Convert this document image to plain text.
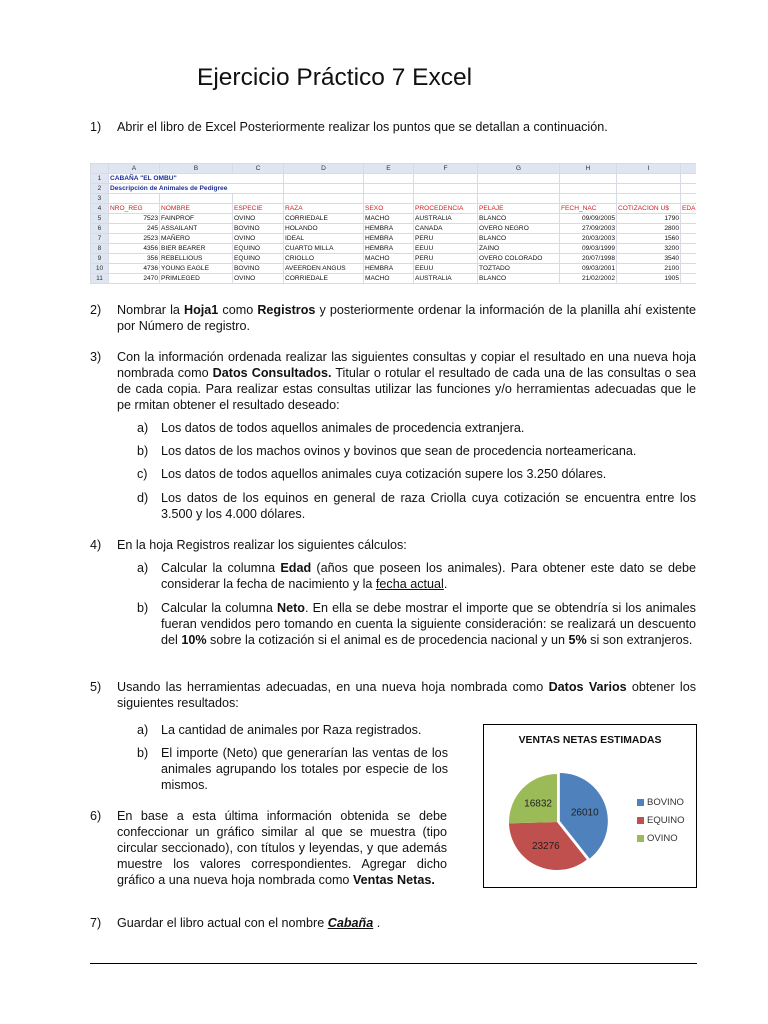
Ejercicio Práctico 7 Excel
1) Abrir el libro de Excel Posteriormente realizar los puntos que se detallan a continuación.
	A	B	C	D	E	F	G	H	I	
1	CABAÑA "EL OMBU"									
2	Descripción de Animales de Pedigree									
3										
4	NRO_REG	NOMBRE	ESPECIE	RAZA	SEXO	PROCEDENCIA	PELAJE	FECH_NAC	COTIZACION U$	EDA
5	7523	FAINPROF	OVINO	CORRIEDALE	MACHO	AUSTRALIA	BLANCO	09/09/2005	1790	
6	245	ASSAILANT	BOVINO	HOLANDO	HEMBRA	CANADA	OVERO NEGRO	27/09/2003	2800	
7	2523	MAÑERO	OVINO	IDEAL	HEMBRA	PERU	BLANCO	20/03/2003	1560	
8	4356	BIER BEARER	EQUINO	CUARTO MILLA	HEMBRA	EEUU	ZAINO	09/03/1999	3200	
9	356	REBELLIOUS	EQUINO	CRIOLLO	MACHO	PERU	OVERO COLORADO	20/07/1998	3540	
10	4736	YOUNG EAGLE	BOVINO	AVEERDEN ANGUS	HEMBRA	EEUU	TOZTADO	09/03/2001	2100	
11	2470	PRIMLEGED	OVINO	CORRIEDALE	MACHO	AUSTRALIA	BLANCO	21/02/2002	1905	
2) Nombrar la Hoja1 como Registros y posteriormente ordenar la información de la planilla ahí existente por Número de registro.
3) Con la información ordenada realizar las siguientes consultas y copiar el resultado en una nueva hoja nombrada como Datos Consultados. Titular o rotular el resultado de cada una de las consultas o sea de cada copia. Para realizar estas consultas utilizar las funciones y/o herramientas adecuadas que le pe rmitan obtener el resultado deseado:
a) Los datos de todos aquellos animales de procedencia extranjera.
b) Los datos de los machos ovinos y bovinos que sean de procedencia norteamericana.
c) Los datos de todos aquellos animales cuya cotización supere los 3.250 dólares.
d) Los datos de los equinos en general de raza Criolla cuya cotización se encuentra entre los 3.500 y los 4.000 dólares.
4) En la hoja Registros realizar los siguientes cálculos:
a) Calcular la columna Edad (años que poseen los animales). Para obtener este dato se debe considerar la fecha de nacimiento y la fecha actual.
b) Calcular la columna Neto. En ella se debe mostrar el importe que se obtendría si los animales fueran vendidos pero tomando en cuenta la siguiente consideración: se realizará un descuento del 10% sobre la cotización si el animal es de procedencia nacional y un 5% si son extranjeros.
5) Usando las herramientas adecuadas, en una nueva hoja nombrada como Datos Varios obtener los siguientes resultados:
a) La cantidad de animales por Raza registrados.
b) El importe (Neto) que generarían las ventas de los animales agrupando los totales por especie de los mismos.
6) En base a esta última información obtenida se debe confeccionar un gráfico similar al que se muestra (tipo circular seccionado), con títulos y leyendas, y que además muestre los valores correspondientes. Agregar dicho gráfico a una nueva hoja nombrada como Ventas Netas.
7) Guardar el libro actual con el nombre Cabaña .
VENTAS NETAS ESTIMADAS
26010
23276
16832	BOVINO
EQUINO
OVINO
